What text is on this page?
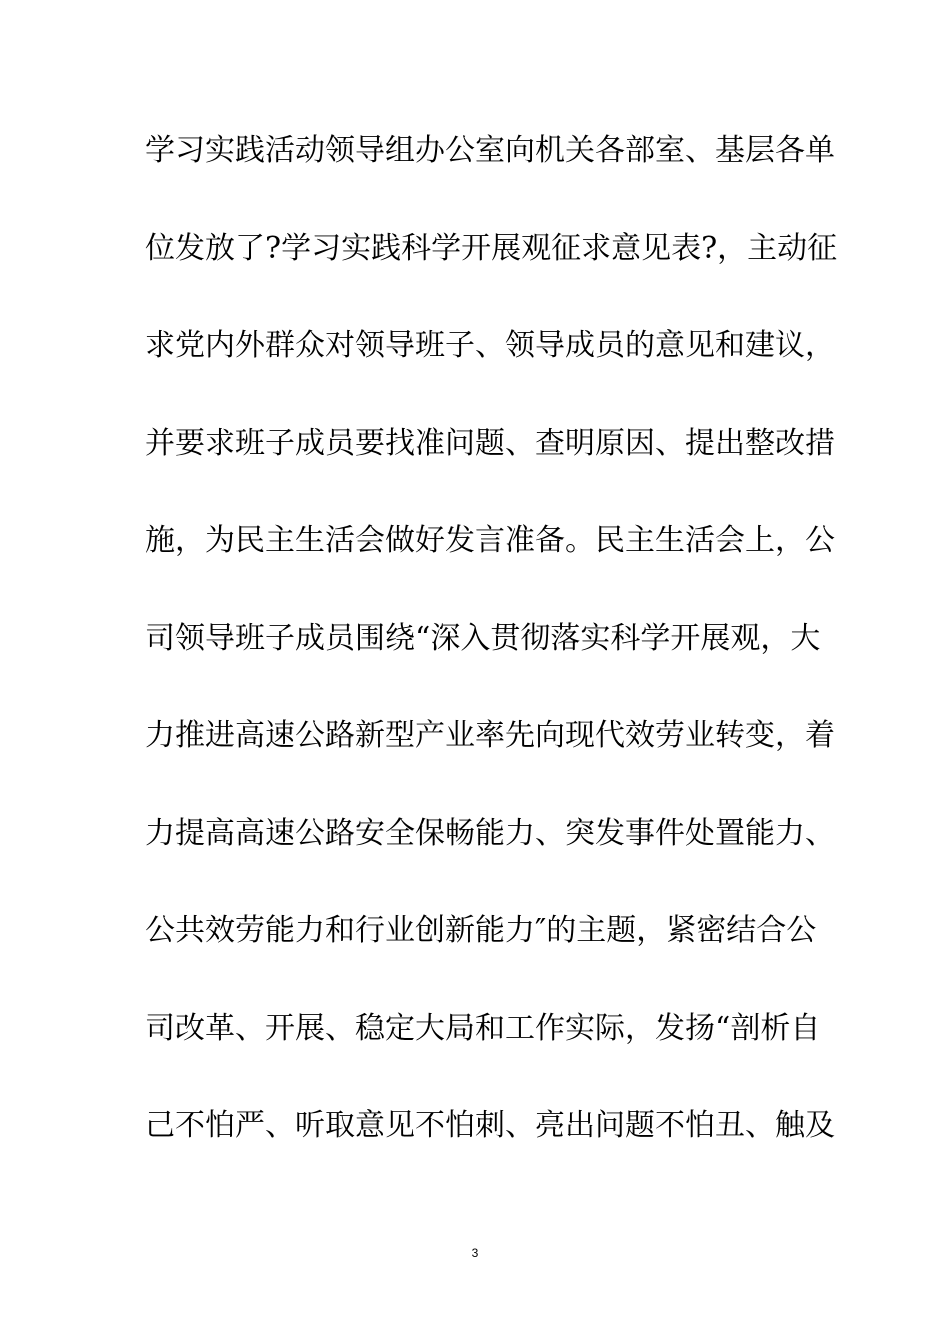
学习实践活动领导组办公室向机关各部室、基层各单
位发放了?学习实践科学开展观征求意见表?，主动征
求党内外群众对领导班子、领导成员的意见和建议，
并要求班子成员要找准问题、查明原因、提出整改措
施，为民主生活会做好发言准备。民主生活会上，公
司领导班子成员围绕“深入贯彻落实科学开展观，大
力推进高速公路新型产业率先向现代效劳业转变，着
力提高高速公路安全保畅能力、突发事件处置能力、
公共效劳能力和行业创新能力″的主题，紧密结合公
司改革、开展、稳定大局和工作实际，发扬“剖析自
己不怕严、听取意见不怕刺、亮出问题不怕丑、触及
3
